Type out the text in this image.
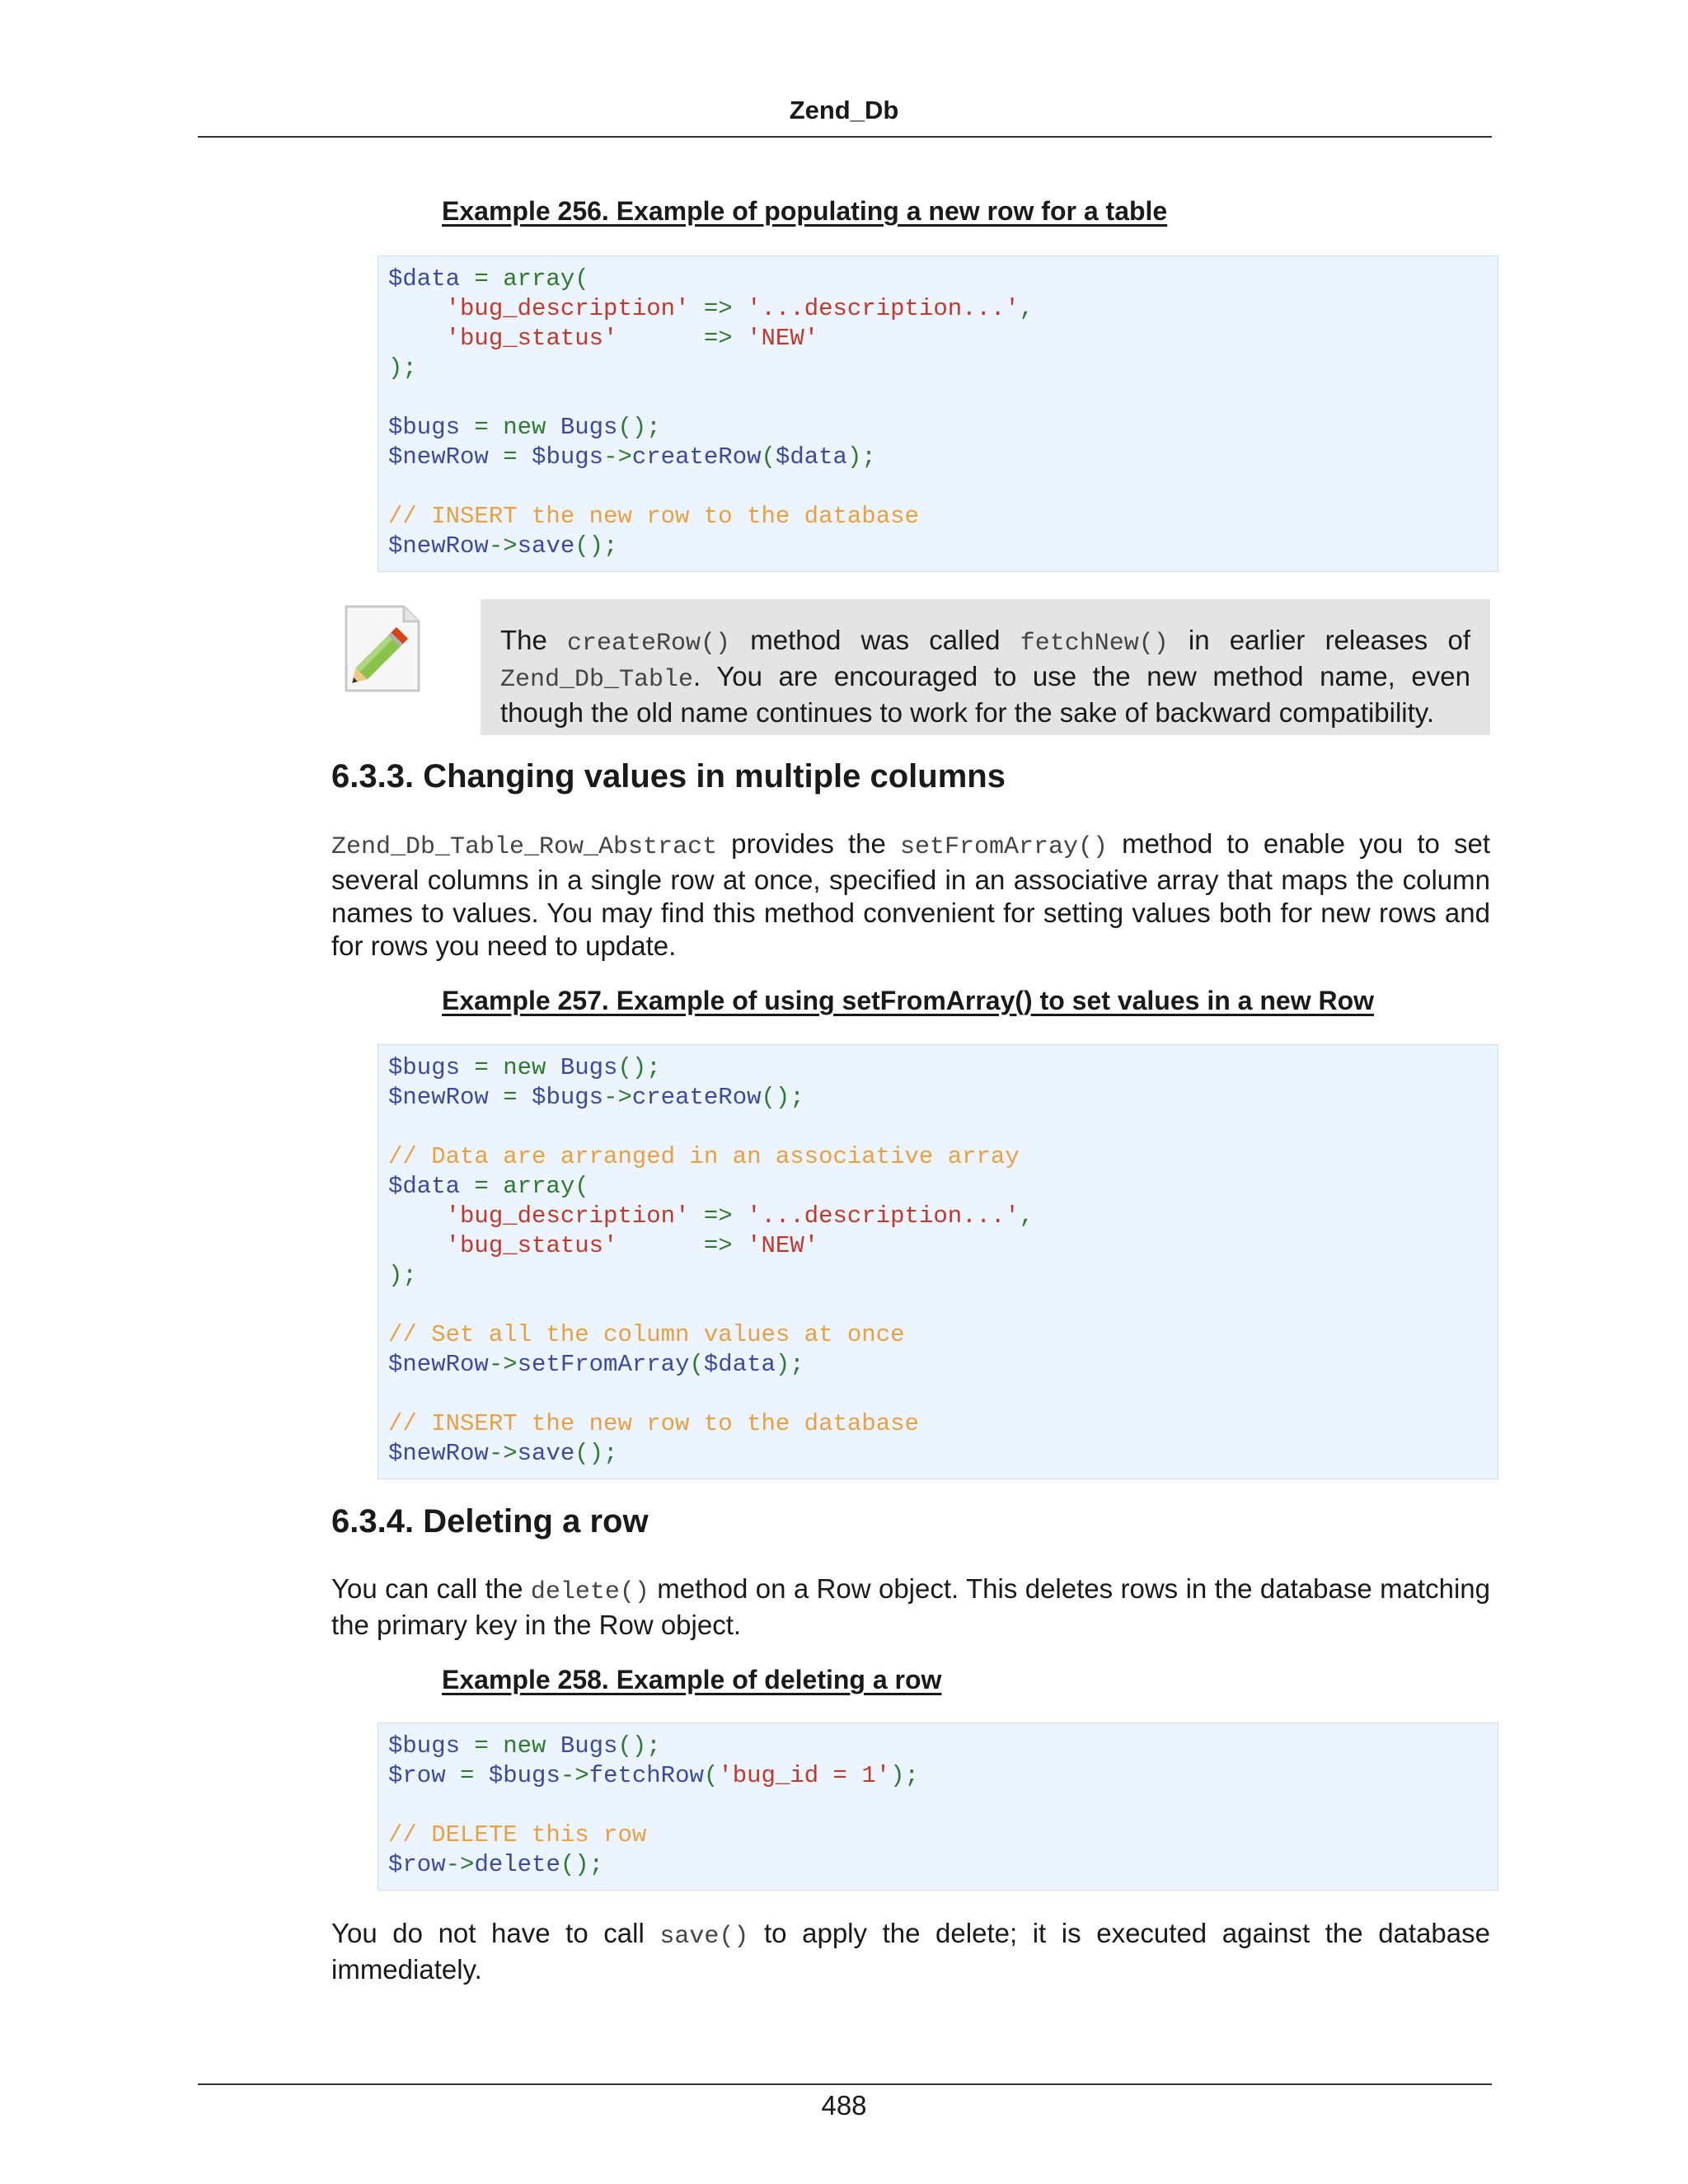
Zend_Db
Example 256. Example of populating a new row for a table
$data = array(
'bug_description' => '...description...',
'bug_status'      => 'NEW'
);
$bugs = new Bugs();
$newRow = $bugs->createRow($data);
// INSERT the new row to the database
$newRow->save();
The createRow() method was called fetchNew() in earlier releases of Zend_Db_Table. You are encouraged to use the new method name, even though the old name continues to work for the sake of backward compatibility.
6.3.3. Changing values in multiple columns
Zend_Db_Table_Row_Abstract provides the setFromArray() method to enable you to set several columns in a single row at once, specified in an associative array that maps the column names to values. You may find this method convenient for setting values both for new rows and for rows you need to update.
Example 257. Example of using setFromArray() to set values in a new Row
$bugs = new Bugs();
$newRow = $bugs->createRow();
// Data are arranged in an associative array
$data = array(
'bug_description' => '...description...',
'bug_status'      => 'NEW'
);
// Set all the column values at once
$newRow->setFromArray($data);
// INSERT the new row to the database
$newRow->save();
6.3.4. Deleting a row
You can call the delete() method on a Row object. This deletes rows in the database matching the primary key in the Row object.
Example 258. Example of deleting a row
$bugs = new Bugs();
$row = $bugs->fetchRow('bug_id = 1');
// DELETE this row
$row->delete();
You do not have to call save() to apply the delete; it is executed against the database immediately.
488
